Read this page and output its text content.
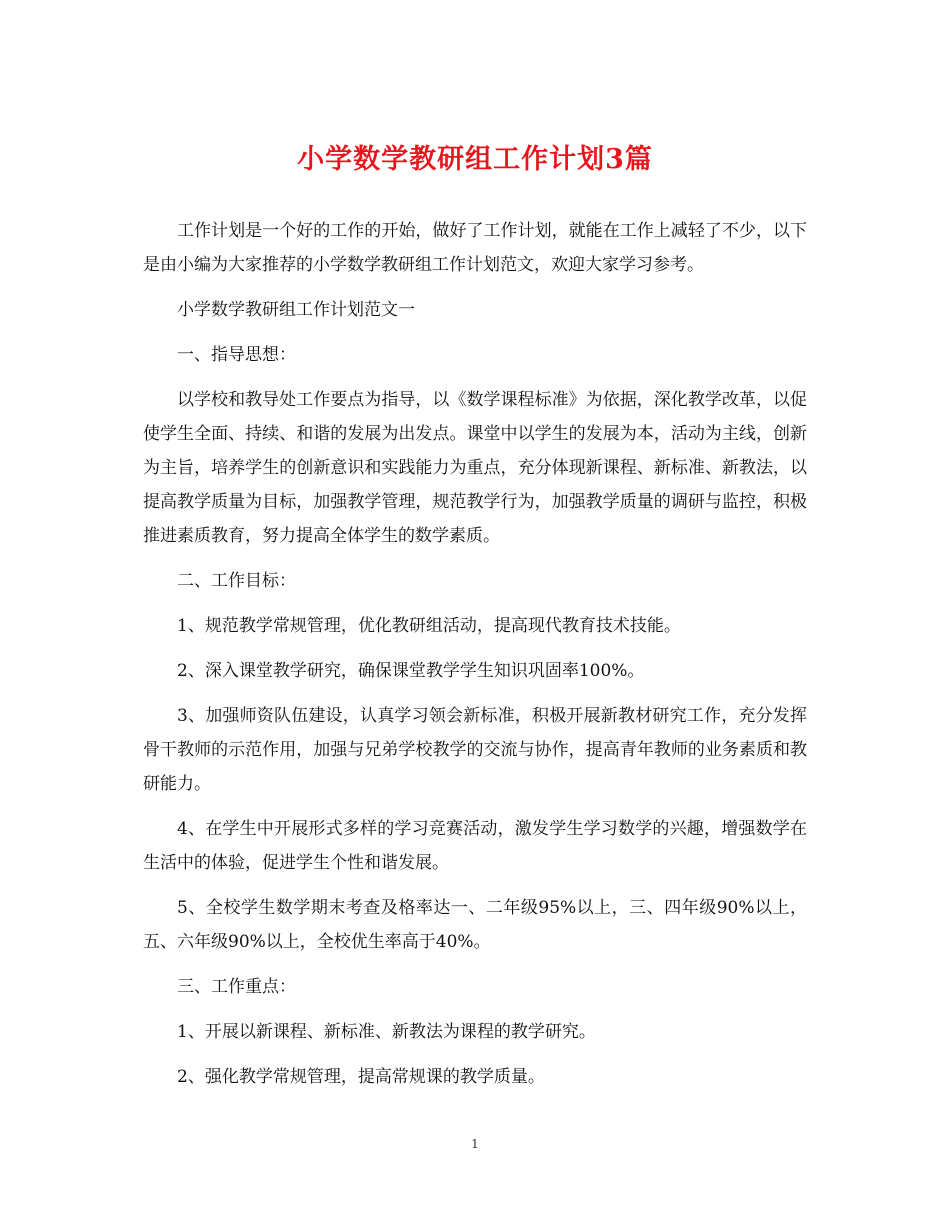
小学数学教研组工作计划3篇

工作计划是一个好的工作的开始，做好了工作计划，就能在工作上减轻了不少，以下是由小编为大家推荐的小学数学教研组工作计划范文，欢迎大家学习参考。

小学数学教研组工作计划范文一

一、指导思想：

以学校和教导处工作要点为指导，以《数学课程标准》为依据，深化教学改革，以促使学生全面、持续、和谐的发展为出发点。课堂中以学生的发展为本，活动为主线，创新为主旨，培养学生的创新意识和实践能力为重点，充分体现新课程、新标准、新教法，以提高教学质量为目标，加强教学管理，规范教学行为，加强教学质量的调研与监控，积极推进素质教育，努力提高全体学生的数学素质。

二、工作目标：

1、规范教学常规管理，优化教研组活动，提高现代教育技术技能。

2、深入课堂教学研究，确保课堂教学学生知识巩固率100%。

3、加强师资队伍建设，认真学习领会新标准，积极开展新教材研究工作，充分发挥骨干教师的示范作用，加强与兄弟学校教学的交流与协作，提高青年教师的业务素质和教研能力。

4、在学生中开展形式多样的学习竞赛活动，激发学生学习数学的兴趣，增强数学在生活中的体验，促进学生个性和谐发展。

5、全校学生数学期末考查及格率达一、二年级95%以上，三、四年级90%以上，五、六年级90%以上，全校优生率高于40%。

三、工作重点：

1、开展以新课程、新标准、新教法为课程的教学研究。

2、强化教学常规管理，提高常规课的教学质量。

1
